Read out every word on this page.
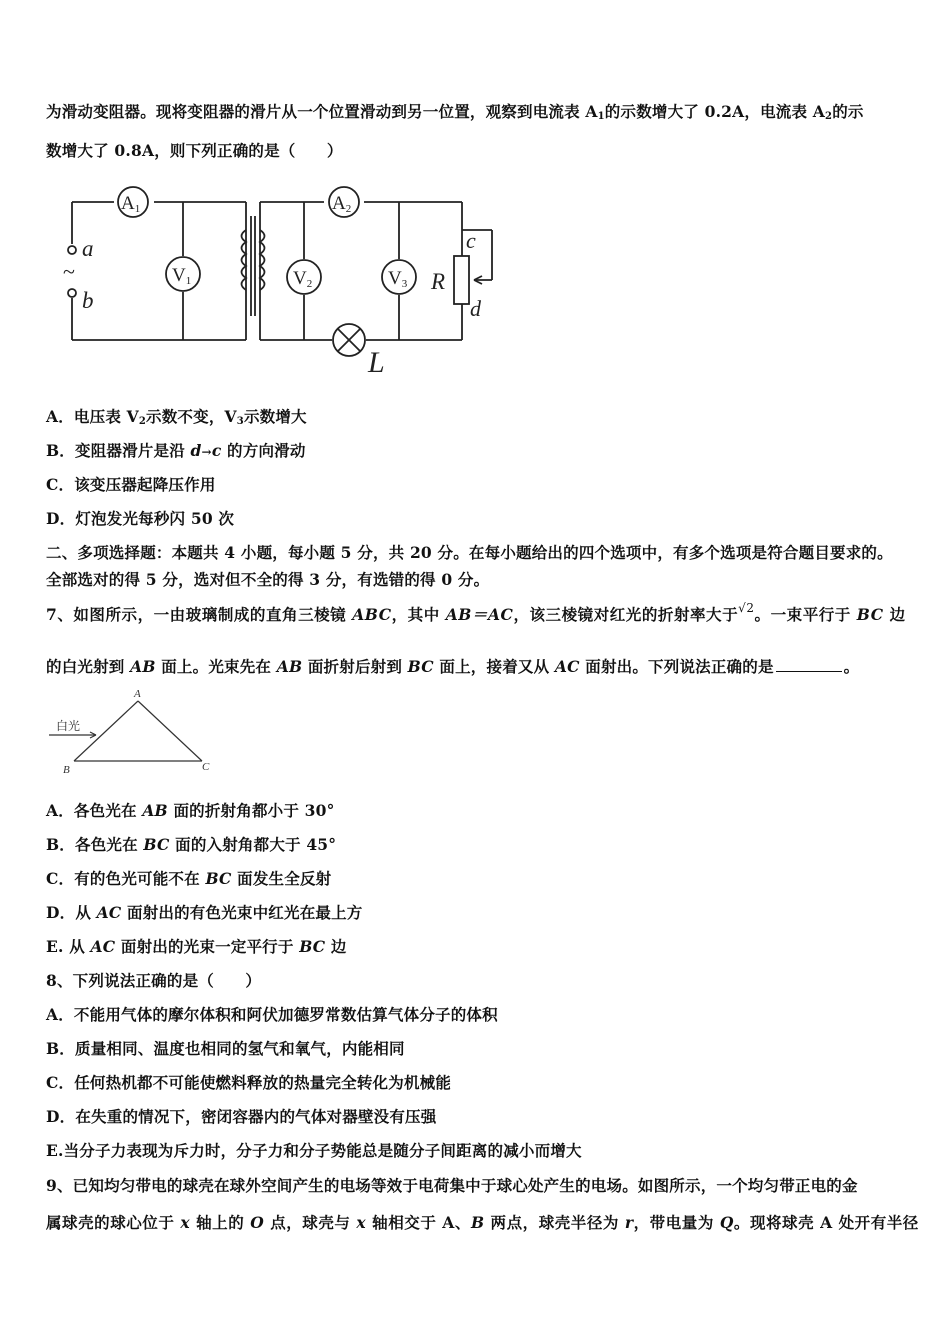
为滑动变阻器。现将变阻器的滑片从一个位置滑动到另一位置，观察到电流表 $A_1$的示数增大了 0.2A，电流表 $A_2$的示
数增大了 0.8A，则下列正确的是（　　）
A1	A2
V1	V2	V3
a
~
b
c
d
R
L
A．电压表 $V_2$示数不变，$V_3$示数增大
B．变阻器滑片是沿 d→c 的方向滑动
C．该变压器起降压作用
D．灯泡发光每秒闪 50 次
二、多项选择题：本题共 4 小题，每小题 5 分，共 20 分。在每小题给出的四个选项中，有多个选项是符合题目要求的。
全部选对的得 5 分，选对但不全的得 3 分，有选错的得 0 分。
7、如图所示，一由玻璃制成的直角三棱镜 ABC，其中 AB＝AC，该三棱镜对红光的折射率大于$^{√2}$。一束平行于 BC 边
的白光射到 AB 面上。光束先在 AB 面折射后射到 BC 面上，接着又从 AC 面射出。下列说法正确的是	。
A
B	C
白光
A．各色光在 AB 面的折射角都小于 30°
B．各色光在 BC 面的入射角都大于 45°
C．有的色光可能不在 BC 面发生全反射
D．从 AC 面射出的有色光束中红光在最上方
E. 从 AC 面射出的光束一定平行于 BC 边
8、下列说法正确的是（　　）
A．不能用气体的摩尔体积和阿伏加德罗常数估算气体分子的体积
B．质量相同、温度也相同的氢气和氧气，内能相同
C．任何热机都不可能使燃料释放的热量完全转化为机械能
D．在失重的情况下，密闭容器内的气体对器壁没有压强
E.当分子力表现为斥力时，分子力和分子势能总是随分子间距离的减小而增大
9、已知均匀带电的球壳在球外空间产生的电场等效于电荷集中于球心处产生的电场。如图所示，一个均匀带正电的金
属球壳的球心位于 x 轴上的 O 点，球壳与 x 轴相交于 A、B 两点，球壳半径为 r，带电量为 Q。现将球壳 A 处开有半径
